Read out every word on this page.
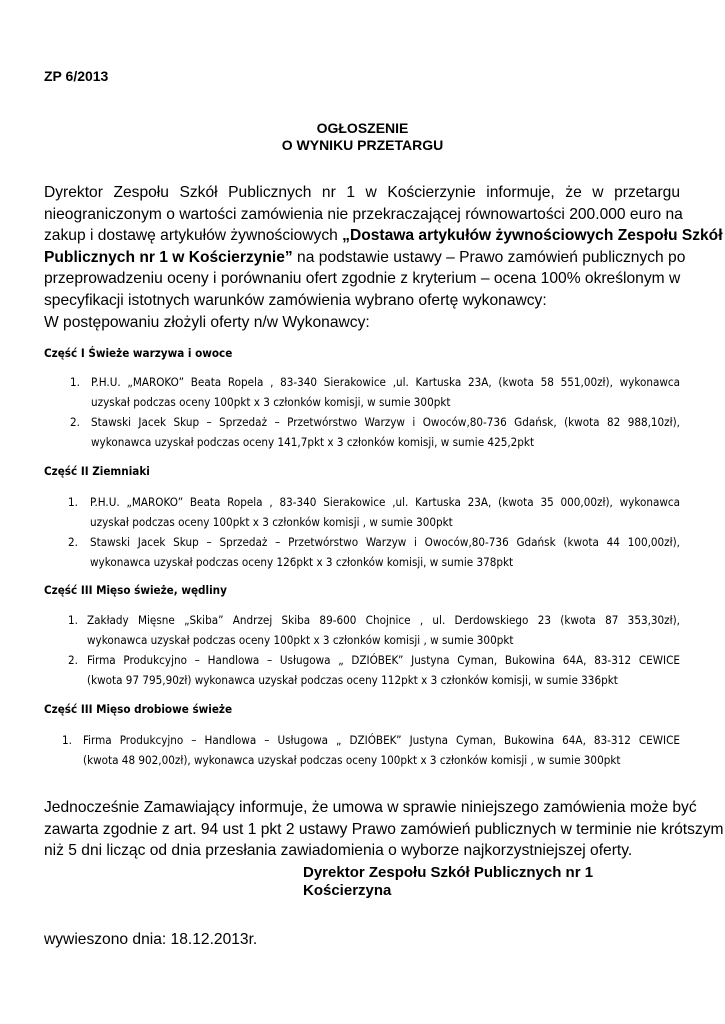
ZP 6/2013
OGŁOSZENIE
O WYNIKU PRZETARGU
Dyrektor Zespołu Szkół Publicznych nr 1 w Kościerzynie informuje, że w przetargu
nieograniczonym o wartości zamówienia nie przekraczającej równowartości 200.000 euro na
zakup i dostawę artykułów żywnościowych „Dostawa artykułów żywnościowych Zespołu Szkół
Publicznych nr 1 w Kościerzynie” na podstawie ustawy – Prawo zamówień publicznych po
przeprowadzeniu oceny i porównaniu ofert zgodnie z kryterium – ocena 100% określonym w
specyfikacji istotnych warunków zamówienia wybrano ofertę wykonawcy:
W postępowaniu złożyli oferty n/w Wykonawcy:
Część I Świeże warzywa i owoce
1. P.H.U. „MAROKO” Beata Ropela , 83-340 Sierakowice ,ul. Kartuska 23A, (kwota 58 551,00zł), wykonawca
uzyskał podczas oceny 100pkt x 3 członków komisji, w sumie 300pkt
2. Stawski Jacek Skup – Sprzedaż – Przetwórstwo Warzyw i Owoców,80-736 Gdańsk, (kwota 82 988,10zł),
wykonawca uzyskał podczas oceny 141,7pkt x 3 członków komisji, w sumie 425,2pkt
Część II Ziemniaki
1. P.H.U. „MAROKO” Beata Ropela , 83-340 Sierakowice ,ul. Kartuska 23A, (kwota 35 000,00zł), wykonawca
uzyskał podczas oceny 100pkt x 3 członków komisji , w sumie 300pkt
2. Stawski Jacek Skup – Sprzedaż – Przetwórstwo Warzyw i Owoców,80-736 Gdańsk (kwota 44 100,00zł),
wykonawca uzyskał podczas oceny 126pkt x 3 członków komisji, w sumie 378pkt
Część III Mięso świeże, wędliny
1. Zakłady Mięsne „Skiba” Andrzej Skiba 89-600 Chojnice , ul. Derdowskiego 23 (kwota 87 353,30zł),
wykonawca uzyskał podczas oceny 100pkt x 3 członków komisji , w sumie 300pkt
2. Firma Produkcyjno – Handlowa – Usługowa „ DZIÓBEK” Justyna Cyman, Bukowina 64A, 83-312 CEWICE
(kwota 97 795,90zł) wykonawca uzyskał podczas oceny 112pkt x 3 członków komisji, w sumie 336pkt
Część III Mięso drobiowe świeże
1. Firma Produkcyjno – Handlowa – Usługowa „ DZIÓBEK” Justyna Cyman, Bukowina 64A, 83-312 CEWICE
(kwota 48 902,00zł), wykonawca uzyskał podczas oceny 100pkt x 3 członków komisji , w sumie 300pkt
Jednocześnie Zamawiający informuje, że umowa w sprawie niniejszego zamówienia może być
zawarta zgodnie z art. 94 ust 1 pkt 2 ustawy Prawo zamówień publicznych w terminie nie krótszym
niż 5 dni licząc od dnia przesłania zawiadomienia o wyborze najkorzystniejszej oferty.
Dyrektor Zespołu Szkół Publicznych nr 1
Kościerzyna
wywieszono dnia: 18.12.2013r.
